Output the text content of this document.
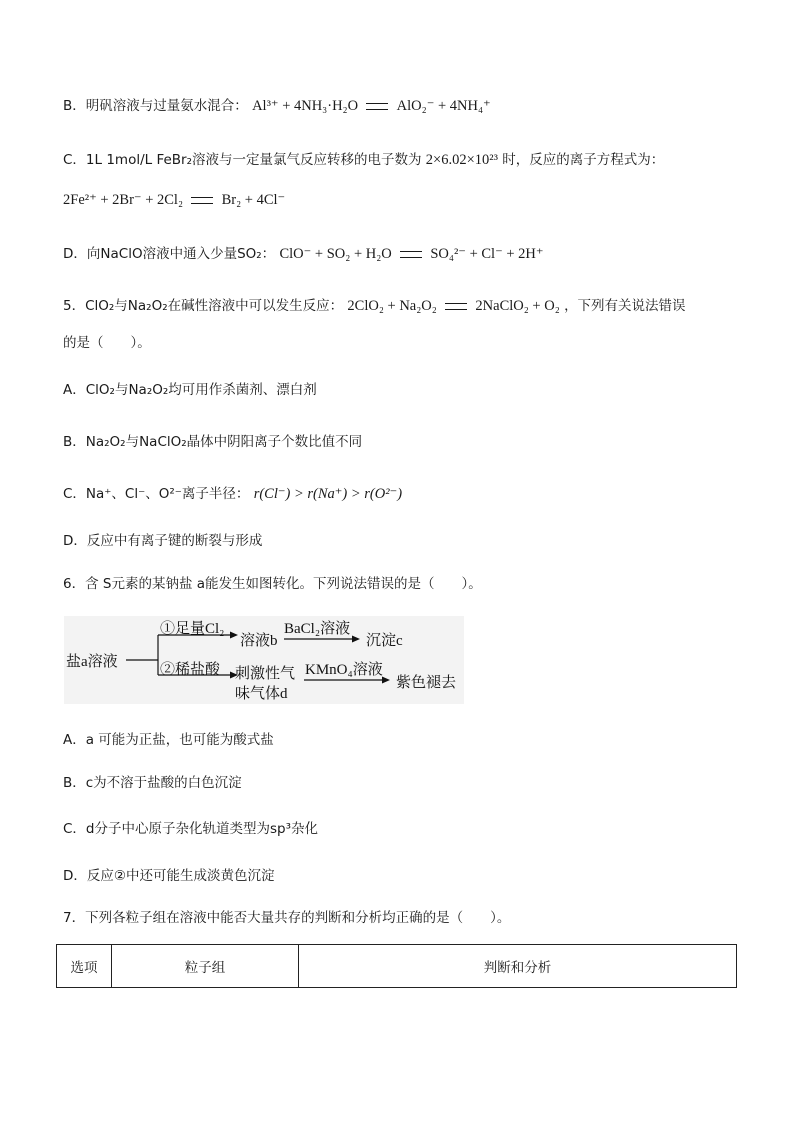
B．明矾溶液与过量氨水混合： Al³⁺ + 4NH₃·H₂O	AlO₂⁻ + 4NH₄⁺
C．1L 1mol/L FeBr₂溶液与一定量氯气反应转移的电子数为 2×6.02×10²³ 时，反应的离子方程式为：
2Fe²⁺ + 2Br⁻ + 2Cl₂	Br₂ + 4Cl⁻
D．向NaClO溶液中通入少量SO₂： ClO⁻ + SO₂ + H₂O	SO₄²⁻ + Cl⁻ + 2H⁺
5．ClO₂与Na₂O₂在碱性溶液中可以发生反应： 2ClO₂ + Na₂O₂	2NaClO₂ + O₂ ，下列有关说法错误
的是（　　）。
A．ClO₂与Na₂O₂均可用作杀菌剂、漂白剂
B．Na₂O₂与NaClO₂晶体中阴阳离子个数比值不同
C．Na⁺、Cl⁻、O²⁻离子半径： r(Cl⁻) > r(Na⁺) > r(O²⁻)
D．反应中有离子键的断裂与形成
6．含 S元素的某钠盐 a能发生如图转化。下列说法错误的是（　　）。
盐a溶液
①足量Cl₂
溶液b
BaCl₂溶液
沉淀c
②稀盐酸 刺激性气
味气体d
KMnO₄溶液
紫色褪去
A．a 可能为正盐，也可能为酸式盐
B．c为不溶于盐酸的白色沉淀
C．d分子中心原子杂化轨道类型为sp³杂化
D．反应②中还可能生成淡黄色沉淀
7．下列各粒子组在溶液中能否大量共存的判断和分析均正确的是（　　）。
选项	粒子组	判断和分析
